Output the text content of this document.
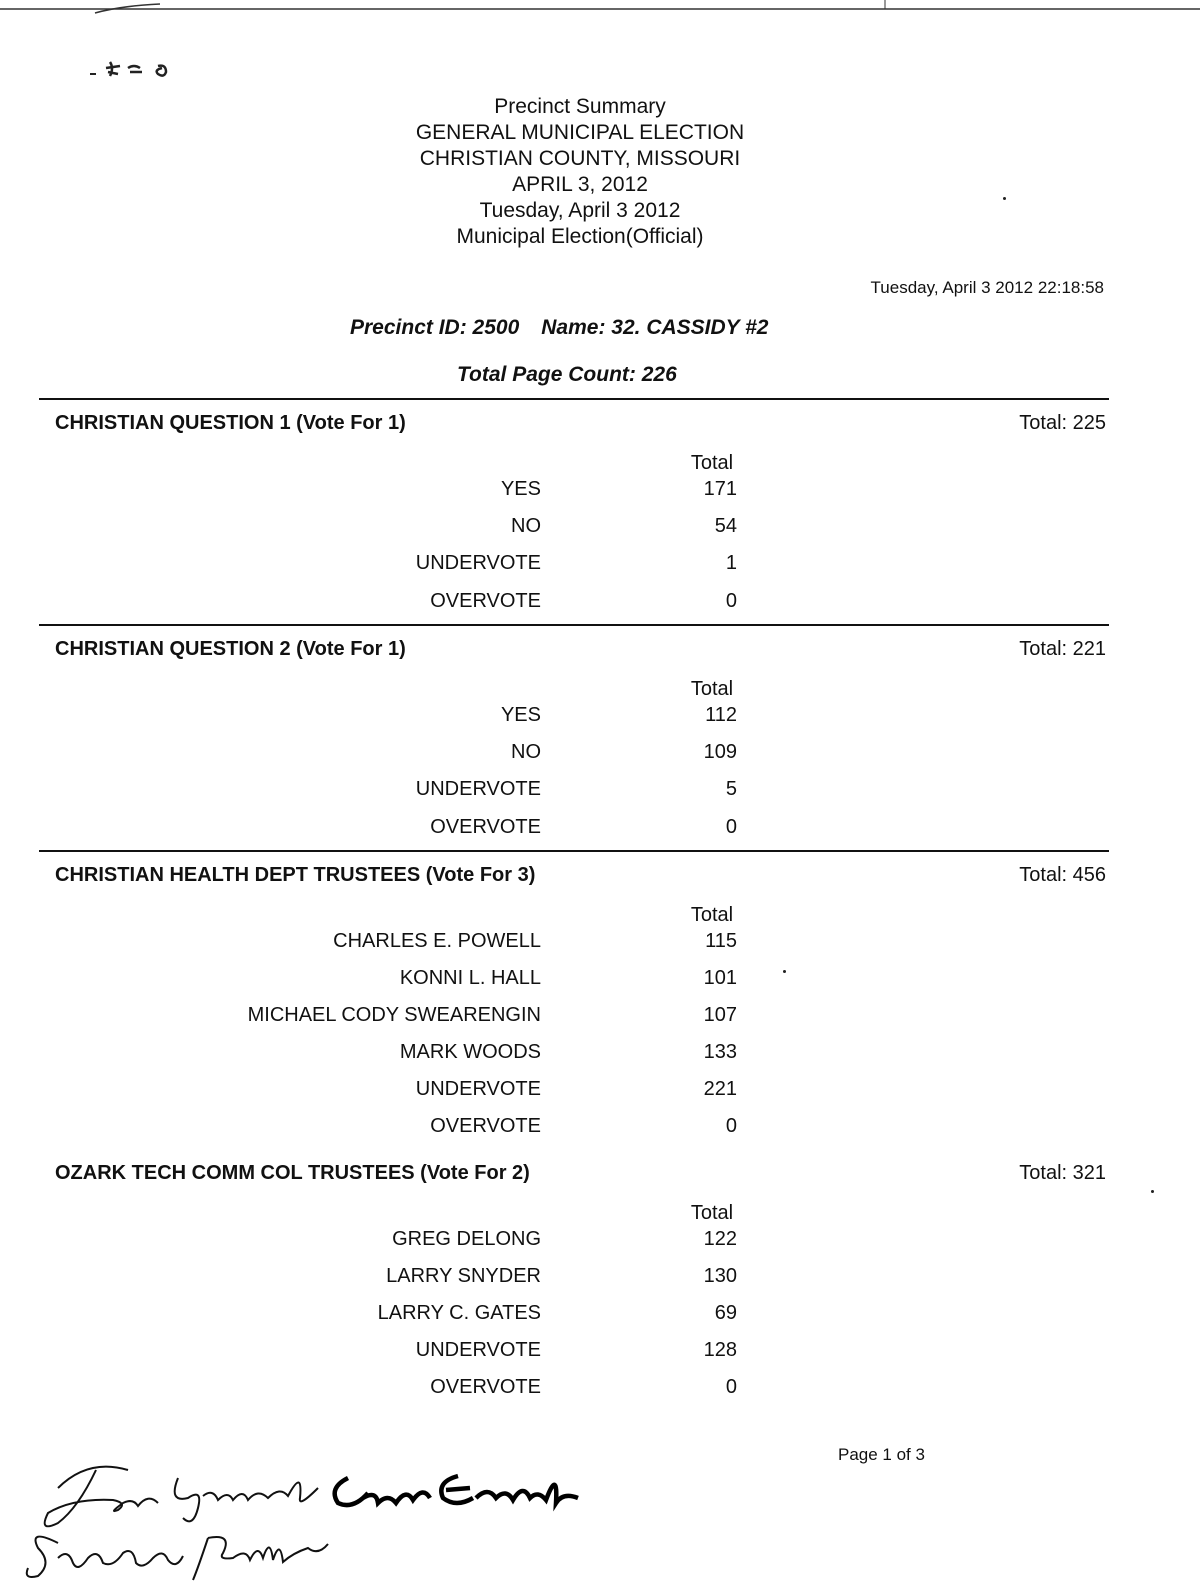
Precinct Summary
GENERAL MUNICIPAL ELECTION
CHRISTIAN COUNTY, MISSOURI
APRIL 3, 2012
Tuesday, April 3 2012
Municipal Election(Official)
Tuesday, April 3 2012 22:18:58
Precinct ID: 2500 Name: 32. CASSIDY #2
Total Page Count: 226
CHRISTIAN QUESTION 1 (Vote For 1)	Total: 225
Total
YES	171
NO	54
UNDERVOTE	1
OVERVOTE	0
CHRISTIAN QUESTION 2 (Vote For 1)	Total: 221
Total
YES	112
NO	109
UNDERVOTE	5
OVERVOTE	0
CHRISTIAN HEALTH DEPT TRUSTEES (Vote For 3)	Total: 456
Total
CHARLES E. POWELL	115
KONNI L. HALL	101
MICHAEL CODY SWEARENGIN	107
MARK WOODS	133
UNDERVOTE	221
OVERVOTE	0
OZARK TECH COMM COL TRUSTEES (Vote For 2)	Total: 321
Total
GREG DELONG	122
LARRY SNYDER	130
LARRY C. GATES	69
UNDERVOTE	128
OVERVOTE	0
Page 1 of 3
